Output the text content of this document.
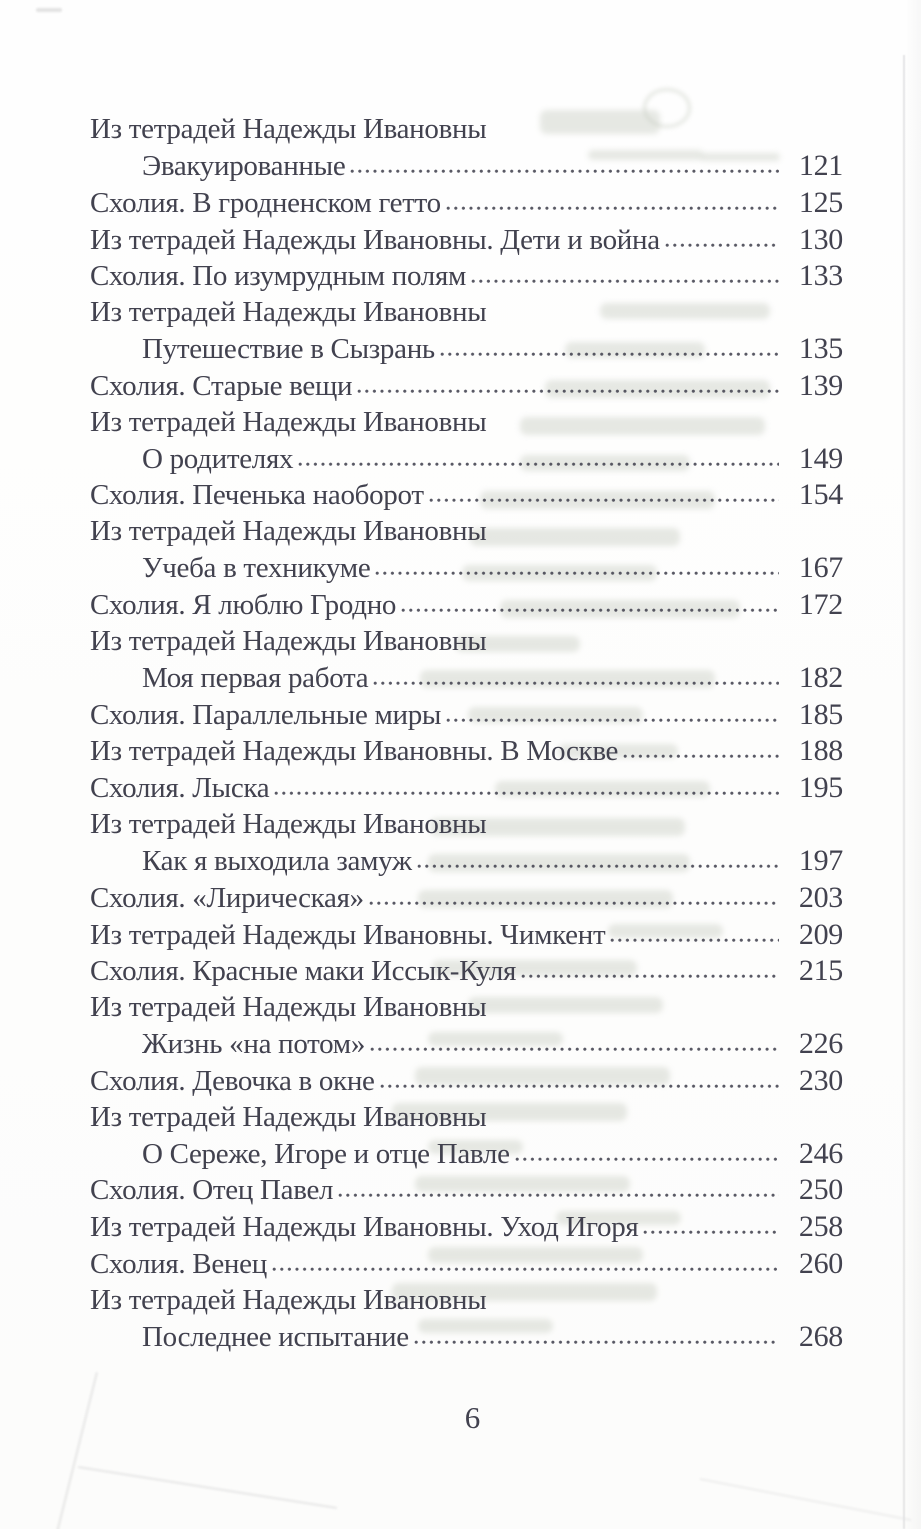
Из тетрадей Надежды Ивановны
Эвакуированные	121
Схолия. В гродненском гетто	125
Из тетрадей Надежды Ивановны. Дети и война	130
Схолия. По изумрудным полям	133
Из тетрадей Надежды Ивановны
Путешествие в Сызрань	135
Схолия. Старые вещи	139
Из тетрадей Надежды Ивановны
О родителях	149
Схолия. Печенька наоборот	154
Из тетрадей Надежды Ивановны
Учеба в техникуме	167
Схолия. Я люблю Гродно	172
Из тетрадей Надежды Ивановны
Моя первая работа	182
Схолия. Параллельные миры	185
Из тетрадей Надежды Ивановны. В Москве	188
Схолия. Лыска	195
Из тетрадей Надежды Ивановны
Как я выходила замуж	197
Схолия. «Лирическая»	203
Из тетрадей Надежды Ивановны. Чимкент	209
Схолия. Красные маки Иссык-Куля	215
Из тетрадей Надежды Ивановны
Жизнь «на потом»	226
Схолия. Девочка в окне	230
Из тетрадей Надежды Ивановны
О Сереже, Игоре и отце Павле	246
Схолия. Отец Павел	250
Из тетрадей Надежды Ивановны. Уход Игоря	258
Схолия. Венец	260
Из тетрадей Надежды Ивановны
Последнее испытание	268
6
